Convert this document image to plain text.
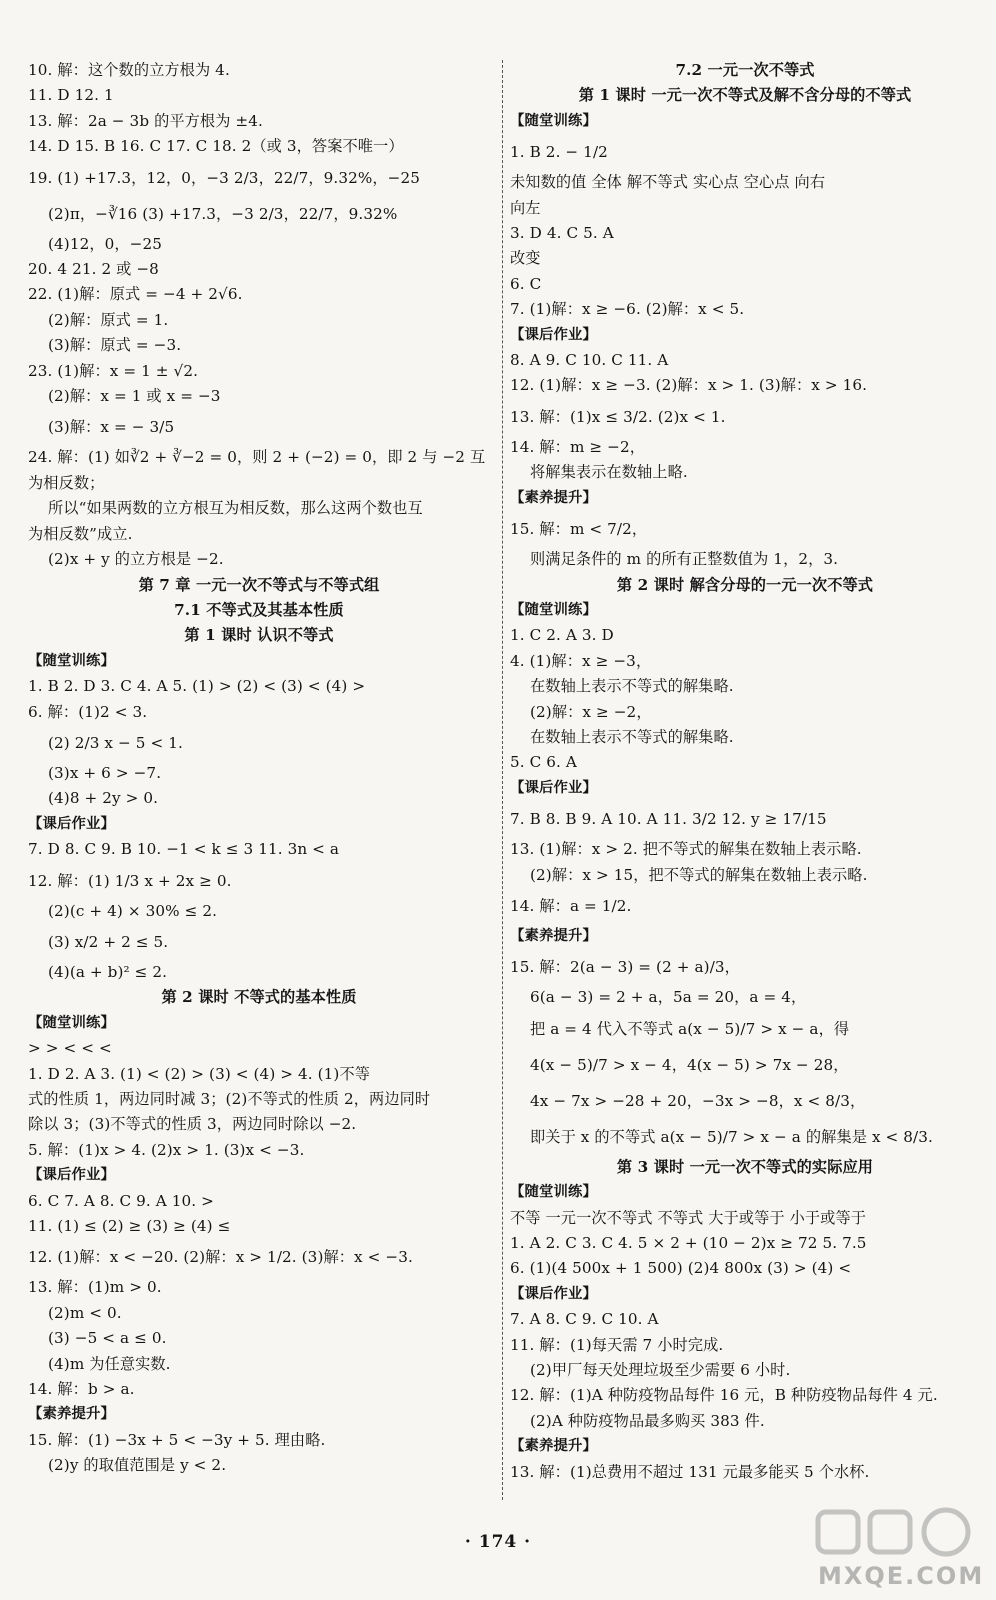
10. 解：这个数的立方根为 4.
11. D 12. 1
13. 解：2a − 3b 的平方根为 ±4.
14. D 15. B 16. C 17. C 18. 2（或 3，答案不唯一）
19. (1) +17.3，12，0，−3 2/3，22/7，9.32%，−25
(2)π，−∛16 (3) +17.3，−3 2/3，22/7，9.32%
(4)12，0，−25
20. 4 21. 2 或 −8
22. (1)解：原式 = −4 + 2√6.
(2)解：原式 = 1.
(3)解：原式 = −3.
23. (1)解：x = 1 ± √2.
(2)解：x = 1 或 x = −3
(3)解：x = − 3/5
24. 解：(1) 如∛2 + ∛−2 = 0，则 2 + (−2) = 0，即 2 与 −2 互
为相反数；
所以“如果两数的立方根互为相反数，那么这两个数也互
为相反数”成立.
(2)x + y 的立方根是 −2.
第 7 章 一元一次不等式与不等式组
7.1 不等式及其基本性质
第 1 课时 认识不等式
【随堂训练】
1. B 2. D 3. C 4. A 5. (1) > (2) < (3) < (4) >
6. 解：(1)2 < 3.
(2) 2/3 x − 5 < 1.
(3)x + 6 > −7.
(4)8 + 2y > 0.
【课后作业】
7. D 8. C 9. B 10. −1 < k ≤ 3 11. 3n < a
12. 解：(1) 1/3 x + 2x ≥ 0.
(2)(c + 4) × 30% ≤ 2.
(3) x/2 + 2 ≤ 5.
(4)(a + b)² ≤ 2.
第 2 课时 不等式的基本性质
【随堂训练】
> > < < <
1. D 2. A 3. (1) < (2) > (3) < (4) > 4. (1)不等
式的性质 1，两边同时减 3；(2)不等式的性质 2，两边同时
除以 3；(3)不等式的性质 3，两边同时除以 −2.
5. 解：(1)x > 4. (2)x > 1. (3)x < −3.
【课后作业】
6. C 7. A 8. C 9. A 10. >
11. (1) ≤ (2) ≥ (3) ≥ (4) ≤
12. (1)解：x < −20. (2)解：x > 1/2. (3)解：x < −3.
13. 解：(1)m > 0.
(2)m < 0.
(3) −5 < a ≤ 0.
(4)m 为任意实数.
14. 解：b > a.
【素养提升】
15. 解：(1) −3x + 5 < −3y + 5. 理由略.
(2)y 的取值范围是 y < 2.
7.2 一元一次不等式
第 1 课时 一元一次不等式及解不含分母的不等式
【随堂训练】
1. B 2. − 1/2
未知数的值 全体 解不等式 实心点 空心点 向右
向左
3. D 4. C 5. A
改变
6. C
7. (1)解：x ≥ −6. (2)解：x < 5.
【课后作业】
8. A 9. C 10. C 11. A
12. (1)解：x ≥ −3. (2)解：x > 1. (3)解：x > 16.
13. 解：(1)x ≤ 3/2. (2)x < 1.
14. 解：m ≥ −2，
将解集表示在数轴上略.
【素养提升】
15. 解：m < 7/2，
则满足条件的 m 的所有正整数值为 1，2，3.
第 2 课时 解含分母的一元一次不等式
【随堂训练】
1. C 2. A 3. D
4. (1)解：x ≥ −3，
在数轴上表示不等式的解集略.
(2)解：x ≥ −2，
在数轴上表示不等式的解集略.
5. C 6. A
【课后作业】
7. B 8. B 9. A 10. A 11. 3/2 12. y ≥ 17/15
13. (1)解：x > 2. 把不等式的解集在数轴上表示略.
(2)解：x > 15，把不等式的解集在数轴上表示略.
14. 解：a = 1/2.
【素养提升】
15. 解：2(a − 3) = (2 + a)/3，
6(a − 3) = 2 + a，5a = 20，a = 4，
把 a = 4 代入不等式 a(x − 5)/7 > x − a，得
4(x − 5)/7 > x − 4，4(x − 5) > 7x − 28，
4x − 7x > −28 + 20，−3x > −8，x < 8/3，
即关于 x 的不等式 a(x − 5)/7 > x − a 的解集是 x < 8/3.
第 3 课时 一元一次不等式的实际应用
【随堂训练】
不等 一元一次不等式 不等式 大于或等于 小于或等于
1. A 2. C 3. C 4. 5 × 2 + (10 − 2)x ≥ 72 5. 7.5
6. (1)(4 500x + 1 500) (2)4 800x (3) > (4) <
【课后作业】
7. A 8. C 9. C 10. A
11. 解：(1)每天需 7 小时完成.
(2)甲厂每天处理垃圾至少需要 6 小时.
12. 解：(1)A 种防疫物品每件 16 元，B 种防疫物品每件 4 元.
(2)A 种防疫物品最多购买 383 件.
【素养提升】
13. 解：(1)总费用不超过 131 元最多能买 5 个水杯.
· 174 ·
MXQE.COM
